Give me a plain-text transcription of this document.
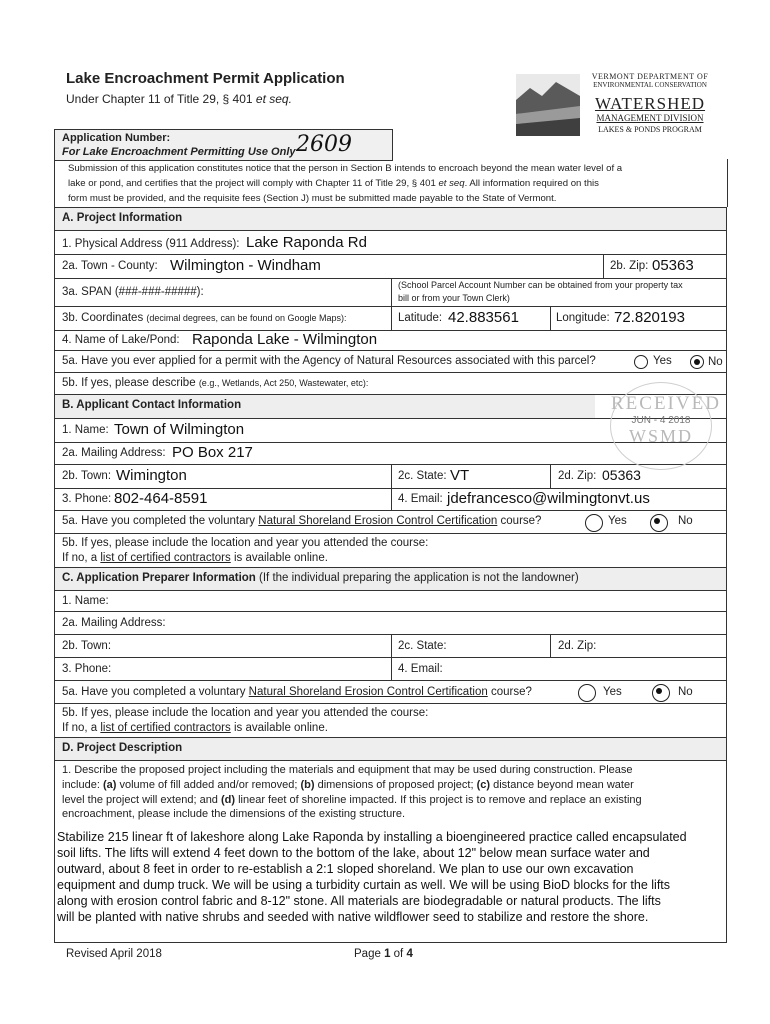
Lake Encroachment Permit Application
Under Chapter 11 of Title 29, § 401 et seq.
VERMONT DEPARTMENT OF
ENVIRONMENTAL CONSERVATION
WATERSHED
MANAGEMENT DIVISION
LAKES & PONDS PROGRAM
Application Number:
For Lake Encroachment Permitting Use Only 2609
Submission of this application constitutes notice that the person in Section B intends to encroach beyond the mean water level of a
lake or pond, and certifies that the project will comply with Chapter 11 of Title 29, § 401 et seq. All information required on this
form must be provided, and the requisite fees (Section J) must be submitted made payable to the State of Vermont.
A. Project Information
1. Physical Address (911 Address): Lake Raponda Rd
2a. Town - County: Wilmington - Windham	2b. Zip: 05363
3a. SPAN (###-###-#####):
(School Parcel Account Number can be obtained from your property tax
bill or from your Town Clerk)
3b. Coordinates (decimal degrees, can be found on Google Maps):	Latitude: 42.883561	Longitude: 72.820193
4. Name of Lake/Pond: Raponda Lake - Wilmington
5a. Have you ever applied for a permit with the Agency of Natural Resources associated with this parcel?	Yes	No
5b. If yes, please describe (e.g., Wetlands, Act 250, Wastewater, etc):
RECEIVED
JUN - 4 2018
WSMD
B. Applicant Contact Information
1. Name: Town of Wilmington
2a. Mailing Address: PO Box 217
2b. Town: Wimington	2c. State: VT	2d. Zip: 05363
3. Phone: 802-464-8591	4. Email: jdefrancesco@wilmingtonvt.us
5a. Have you completed the voluntary Natural Shoreland Erosion Control Certification course?	Yes	No
5b. If yes, please include the location and year you attended the course:
If no, a list of certified contractors is available online.
C. Application Preparer Information (If the individual preparing the application is not the landowner)
1. Name:
2a. Mailing Address:
2b. Town:	2c. State:	2d. Zip:
3. Phone:	4. Email:
5a. Have you completed a voluntary Natural Shoreland Erosion Control Certification course?	Yes	No
5b. If yes, please include the location and year you attended the course:
If no, a list of certified contractors is available online.
D. Project Description
1. Describe the proposed project including the materials and equipment that may be used during construction. Please
include: (a) volume of fill added and/or removed; (b) dimensions of proposed project; (c) distance beyond mean water
level the project will extend; and (d) linear feet of shoreline impacted. If this project is to remove and replace an existing
encroachment, please include the dimensions of the existing structure.
Stabilize 215 linear ft of lakeshore along Lake Raponda by installing a bioengineered practice called encapsulated
soil lifts. The lifts will extend 4 feet down to the bottom of the lake, about 12" below mean surface water and
outward, about 8 feet in order to re-establish a 2:1 sloped shoreland. We plan to use our own excavation
equipment and dump truck. We will be using a turbidity curtain as well. We will be using BioD blocks for the lifts
along with erosion control fabric and 8-12" stone. All materials are biodegradable or natural products. The lifts
will be planted with native shrubs and seeded with native wildflower seed to stabilize and restore the shore.
Revised April 2018	Page 1 of 4
